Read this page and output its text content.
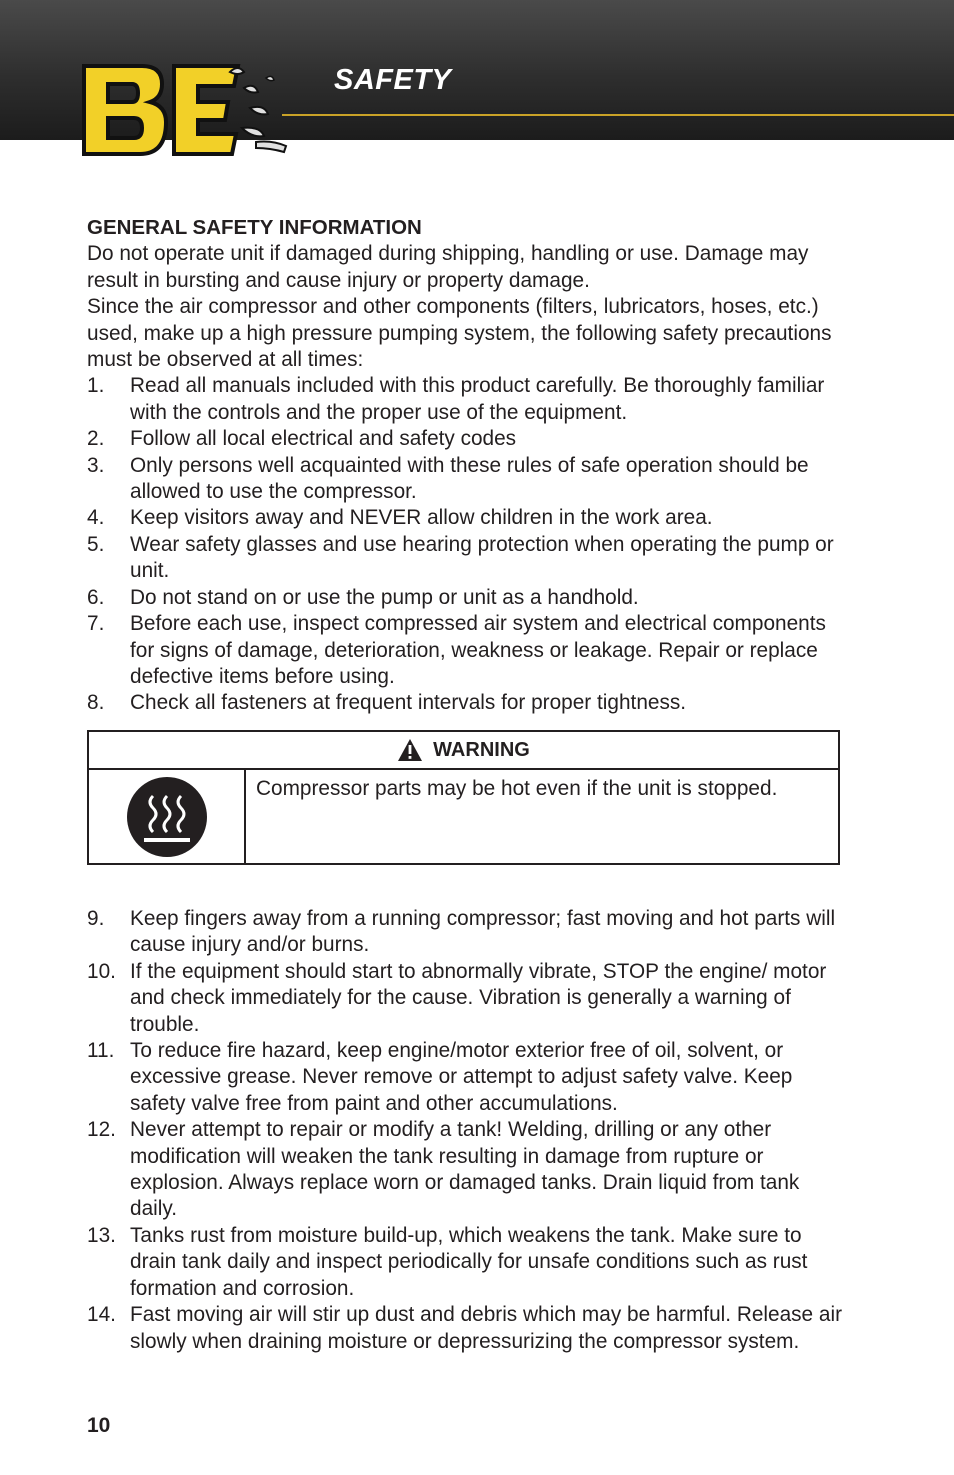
SAFETY

GENERAL SAFETY INFORMATION

Do not operate unit if damaged during shipping, handling or use. Damage may result in bursting and cause injury or property damage.

Since the air compressor and other components (filters, lubricators, hoses, etc.) used, make up a high pressure pumping system, the following safety precautions must be observed at all times:

1.	Read all manuals included with this product carefully. Be thoroughly familiar with the controls and the proper use of the equipment.
2.	Follow all local electrical and safety codes
3.	Only persons well acquainted with these rules of safe operation should be allowed to use the compressor.
4.	Keep visitors away and NEVER allow children in the work area.
5.	Wear safety glasses and use hearing protection when operating the pump or unit.
6.	Do not stand on or use the pump or unit as a handhold.
7.	Before each use, inspect compressed air system and electrical components for signs of damage, deterioration, weakness or leakage. Repair or replace defective items before using.
8.	Check all fasteners at frequent intervals for proper tightness.
WARNING
Compressor parts may be hot even if the unit is stopped.
9.	Keep fingers away from a running compressor; fast moving and hot parts will cause injury and/or burns.
10. If the equipment should start to abnormally vibrate, STOP the engine/ motor and check immediately for the cause. Vibration is generally a warning of trouble.
11. To reduce fire hazard, keep engine/motor exterior free of oil, solvent, or excessive grease. Never remove or attempt to adjust safety valve. Keep safety valve free from paint and other accumulations.
12. Never attempt to repair or modify a tank! Welding, drilling or any other modification will weaken the tank resulting in damage from rupture or explosion. Always replace worn or damaged tanks. Drain liquid from tank daily.
13. Tanks rust from moisture build-up, which weakens the tank. Make sure to drain tank daily and inspect periodically for unsafe conditions such as rust formation and corrosion.
14. Fast moving air will stir up dust and debris which may be harmful. Release air slowly when draining moisture or depressurizing the compressor system.
10
